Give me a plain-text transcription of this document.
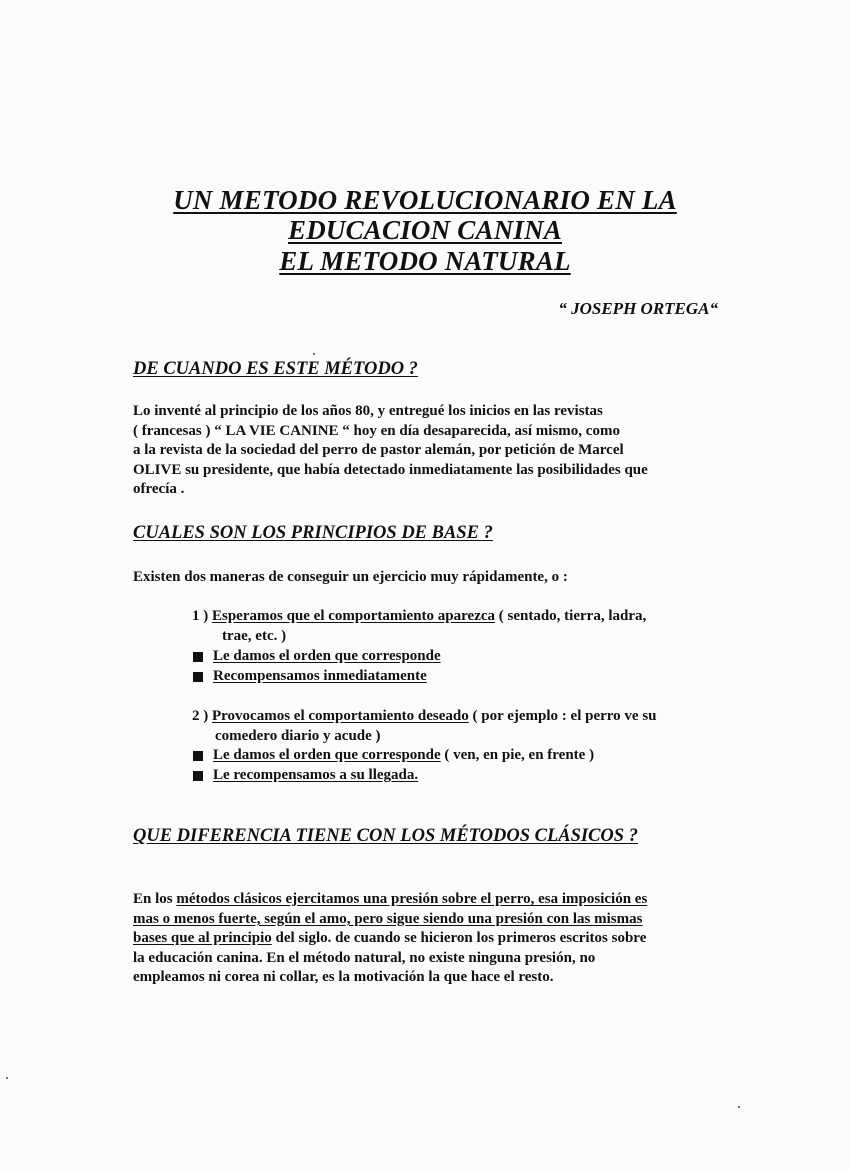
UN METODO REVOLUCIONARIO EN LA
EDUCACION CANINA
EL METODO NATURAL
“ JOSEPH ORTEGA“
DE CUANDO ES ESTE MÉTODO ?
Lo inventé al principio de los años 80, y entregué los inicios en las revistas
( francesas ) “ LA VIE CANINE “ hoy en día desaparecida, así mismo, como
a la revista de la sociedad del perro de pastor alemán, por petición de Marcel
OLIVE su presidente, que había detectado inmediatamente las posibilidades que
ofrecía .
CUALES SON LOS PRINCIPIOS DE BASE ?
Existen dos maneras de conseguir un ejercicio muy rápidamente, o :
1 ) Esperamos que el comportamiento aparezca ( sentado, tierra, ladra,
trae, etc. )
Le damos el orden que corresponde
Recompensamos inmediatamente
2 ) Provocamos el comportamiento deseado ( por ejemplo : el perro ve su
comedero diario y acude )
Le damos el orden que corresponde ( ven, en pie, en frente )
Le recompensamos a su llegada.
QUE DIFERENCIA TIENE CON LOS MÉTODOS CLÁSICOS ?
En los métodos clásicos ejercitamos una presión sobre el perro, esa imposición es
mas o menos fuerte, según el amo, pero sigue siendo una presión con las mismas
bases que al principio del siglo. de cuando se hicieron los primeros escritos sobre
la educación canina. En el método natural, no existe ninguna presión, no
empleamos ni corea ni collar, es la motivación la que hace el resto.
